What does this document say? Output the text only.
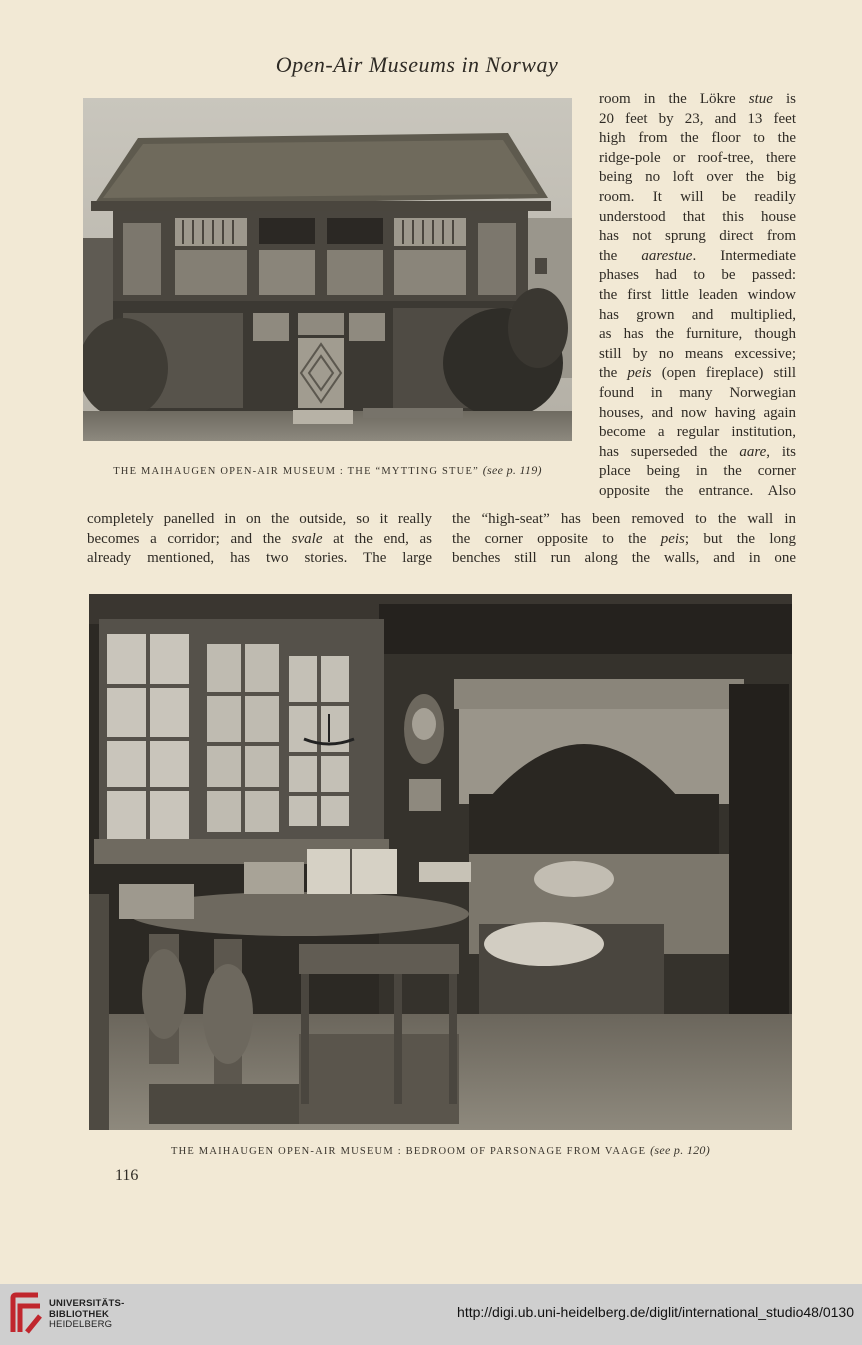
Open-Air Museums in Norway
THE MAIHAUGEN OPEN-AIR MUSEUM : THE “MYTTING STUE” (see p. 119)
room in the Lökre stue is
20 feet by 23, and 13 feet
high from the floor to the
ridge-pole or roof-tree, there
being no loft over the big
room. It will be readily
understood that this house
has not sprung direct from
the aarestue. Intermediate
phases had to be passed:
the first little leaden window
has grown and multiplied,
as has the furniture, though
still by no means excessive;
the peis (open fireplace) still
found in many Norwegian
houses, and now having again
become a regular institution,
has superseded the aare, its
place being in the corner
opposite the entrance. Also
completely panelled in on the outside, so it really
becomes a corridor; and the svale at the end, as
already mentioned, has two stories. The large
the “high-seat” has been removed to the wall in
the corner opposite to the peis; but the long
benches still run along the walls, and in one
THE MAIHAUGEN OPEN-AIR MUSEUM : BEDROOM OF PARSONAGE FROM VAAGE (see p. 120)
116
UNIVERSITÄTS-
BIBLIOTHEK
HEIDELBERG
http://digi.ub.uni-heidelberg.de/diglit/international_studio48/0130
